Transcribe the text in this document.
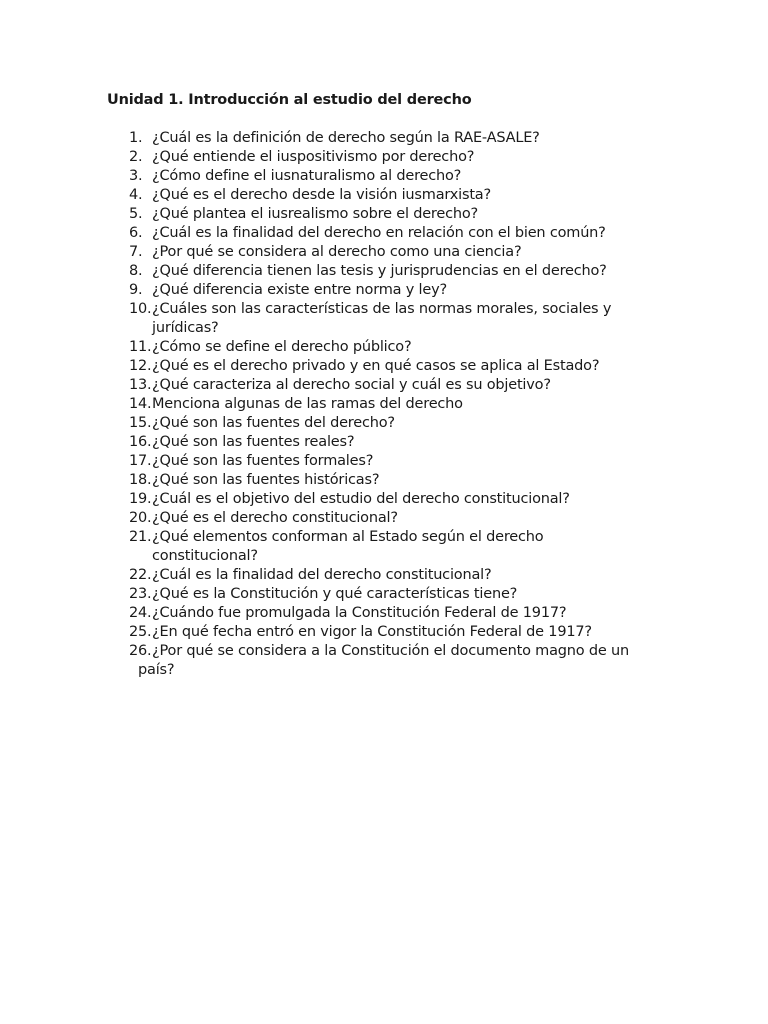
Unidad 1. Introducción al estudio del derecho
1. ¿Cuál es la definición de derecho según la RAE-ASALE?
2. ¿Qué entiende el iuspositivismo por derecho?
3. ¿Cómo define el iusnaturalismo al derecho?
4. ¿Qué es el derecho desde la visión iusmarxista?
5. ¿Qué plantea el iusrealismo sobre el derecho?
6. ¿Cuál es la finalidad del derecho en relación con el bien común?
7. ¿Por qué se considera al derecho como una ciencia?
8. ¿Qué diferencia tienen las tesis y jurisprudencias en el derecho?
9. ¿Qué diferencia existe entre norma y ley?
10. ¿Cuáles son las características de las normas morales, sociales y
jurídicas?
11. ¿Cómo se define el derecho público?
12. ¿Qué es el derecho privado y en qué casos se aplica al Estado?
13. ¿Qué caracteriza al derecho social y cuál es su objetivo?
14. Menciona algunas de las ramas del derecho
15. ¿Qué son las fuentes del derecho?
16. ¿Qué son las fuentes reales?
17. ¿Qué son las fuentes formales?
18. ¿Qué son las fuentes históricas?
19. ¿Cuál es el objetivo del estudio del derecho constitucional?
20. ¿Qué es el derecho constitucional?
21. ¿Qué elementos conforman al Estado según el derecho
constitucional?
22. ¿Cuál es la finalidad del derecho constitucional?
23. ¿Qué es la Constitución y qué características tiene?
24. ¿Cuándo fue promulgada la Constitución Federal de 1917?
25. ¿En qué fecha entró en vigor la Constitución Federal de 1917?
26. ¿Por qué se considera a la Constitución el documento magno de un
país?
